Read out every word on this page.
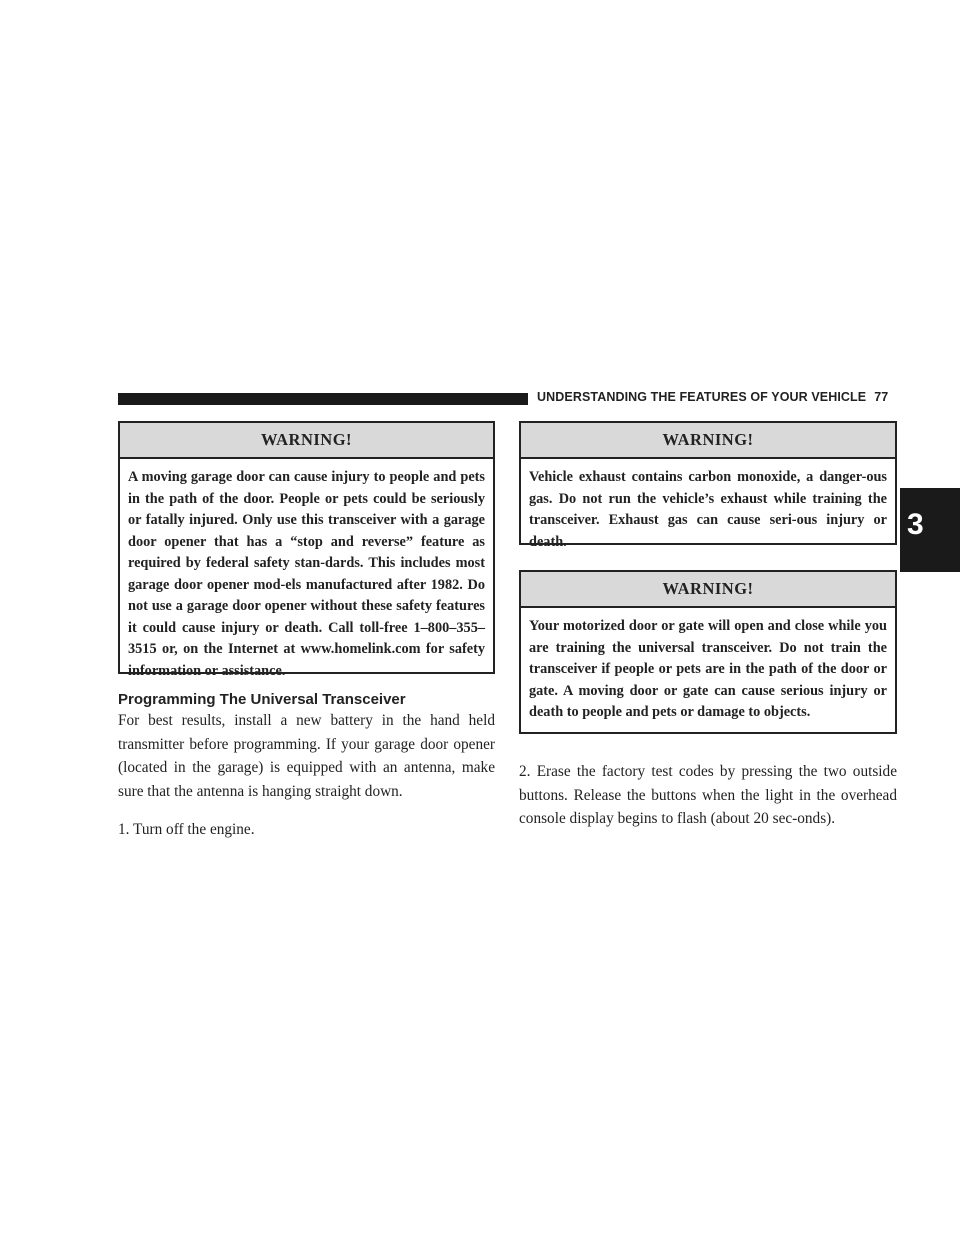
UNDERSTANDING THE FEATURES OF YOUR VEHICLE 77
3
WARNING!
A moving garage door can cause injury to people and pets in the path of the door. People or pets could be seriously or fatally injured. Only use this transceiver with a garage door opener that has a “stop and reverse” feature as required by federal safety stan-dards. This includes most garage door opener mod-els manufactured after 1982. Do not use a garage door opener without these safety features it could cause injury or death. Call toll-free 1–800–355–3515 or, on the Internet at www.homelink.com for safety information or assistance.
Programming The Universal Transceiver
For best results, install a new battery in the hand held transmitter before programming. If your garage door opener (located in the garage) is equipped with an antenna, make sure that the antenna is hanging straight down.
1. Turn off the engine.
WARNING!
Vehicle exhaust contains carbon monoxide, a danger-ous gas. Do not run the vehicle’s exhaust while training the transceiver. Exhaust gas can cause seri-ous injury or death.
WARNING!
Your motorized door or gate will open and close while you are training the universal transceiver. Do not train the transceiver if people or pets are in the path of the door or gate. A moving door or gate can cause serious injury or death to people and pets or damage to objects.
2. Erase the factory test codes by pressing the two outside buttons. Release the buttons when the light in the overhead console display begins to flash (about 20 sec-onds).
